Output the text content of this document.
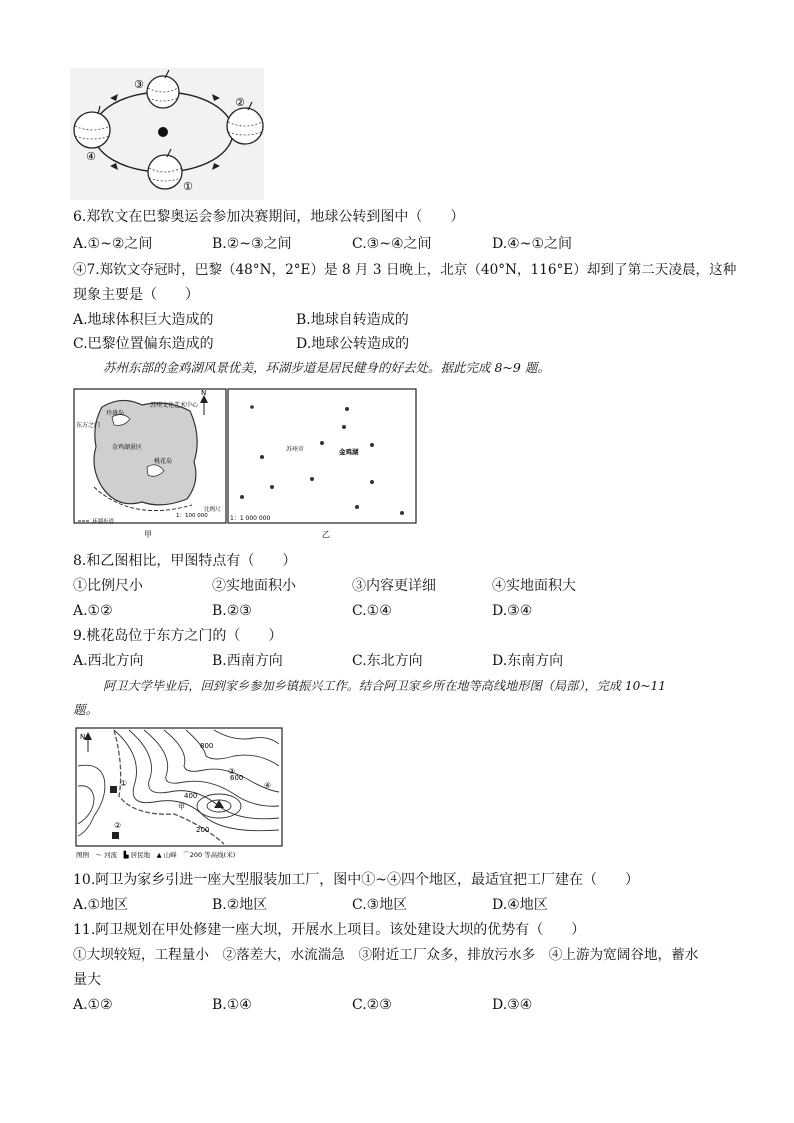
③
②
④
①
6.郑钦文在巴黎奥运会参加决赛期间，地球公转到图中（　　）
A.①~②之间	B.②~③之间	C.③~④之间	D.④~①之间
④7.郑钦文夺冠时，巴黎（48°N，2°E）是 8 月 3 日晚上，北京（40°N，116°E）却到了第二天凌晨，这种
现象主要是（　　）
A.地球体积巨大造成的	B.地球自转造成的
C.巴黎位置偏东造成的	D.地球公转造成的
苏州东部的金鸡湖风景优美，环湖步道是居民健身的好去处。据此完成 8~9 题。
N
苏州文化艺术中心
玲珑岛
金鸡湖景区
桃花岛
东方之门
1：100 000
环湖步道
比例尺
甲
苏州市	金鸡湖
1：1 000 000
乙
8.和乙图相比，甲图特点有（　　）
①比例尺小	②实地面积小	③内容更详细	④实地面积大
A.①②	B.②③	C.①④	D.③④
9.桃花岛位于东方之门的（　　）
A.西北方向	B.西南方向	C.东北方向	D.东南方向
阿卫大学毕业后，回到家乡参加乡镇振兴工作。结合阿卫家乡所在地等高线地形图（局部），完成 10~11
题。
N
800
600
400
200
①
②
③
④
甲
图例　～ 河流　▙ 居民地　▲ 山峰　⌒200 等高线(米)
10.阿卫为家乡引进一座大型服装加工厂，图中①~④四个地区，最适宜把工厂建在（　　）
A.①地区	B.②地区	C.③地区	D.④地区
11.阿卫规划在甲处修建一座大坝，开展水上项目。该处建设大坝的优势有（　　）
①大坝较短，工程量小　②落差大，水流湍急　③附近工厂众多，排放污水多　④上游为宽阔谷地，蓄水
量大
A.①②	B.①④	C.②③	D.③④
